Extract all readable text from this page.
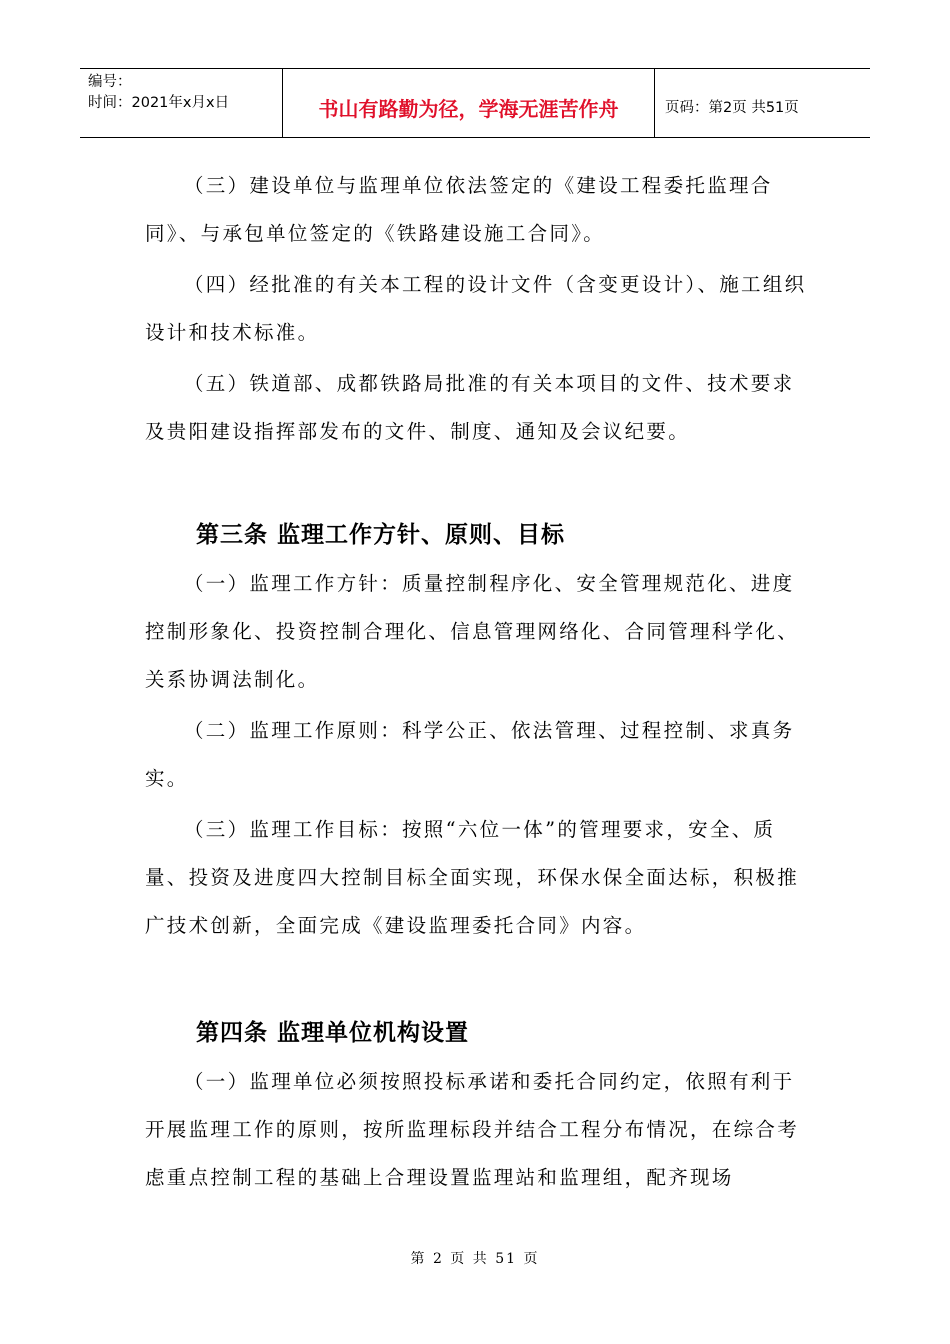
编号：
时间：2021年x月x日	书山有路勤为径，学海无涯苦作舟	页码：第2页 共51页

（三）建设单位与监理单位依法签定的《建设工程委托监理合同》、与承包单位签定的《铁路建设施工合同》。

（四）经批准的有关本工程的设计文件（含变更设计）、施工组织设计和技术标准。

（五）铁道部、成都铁路局批准的有关本项目的文件、技术要求及贵阳建设指挥部发布的文件、制度、通知及会议纪要。

第三条 监理工作方针、原则、目标

（一）监理工作方针：质量控制程序化、安全管理规范化、进度控制形象化、投资控制合理化、信息管理网络化、合同管理科学化、关系协调法制化。

（二）监理工作原则：科学公正、依法管理、过程控制、求真务实。

（三）监理工作目标：按照“六位一体”的管理要求，安全、质量、投资及进度四大控制目标全面实现，环保水保全面达标，积极推广技术创新，全面完成《建设监理委托合同》内容。

第四条 监理单位机构设置

（一）监理单位必须按照投标承诺和委托合同约定，依照有利于开展监理工作的原则，按所监理标段并结合工程分布情况，在综合考虑重点控制工程的基础上合理设置监理站和监理组，配齐现场

第 2 页 共 51 页
